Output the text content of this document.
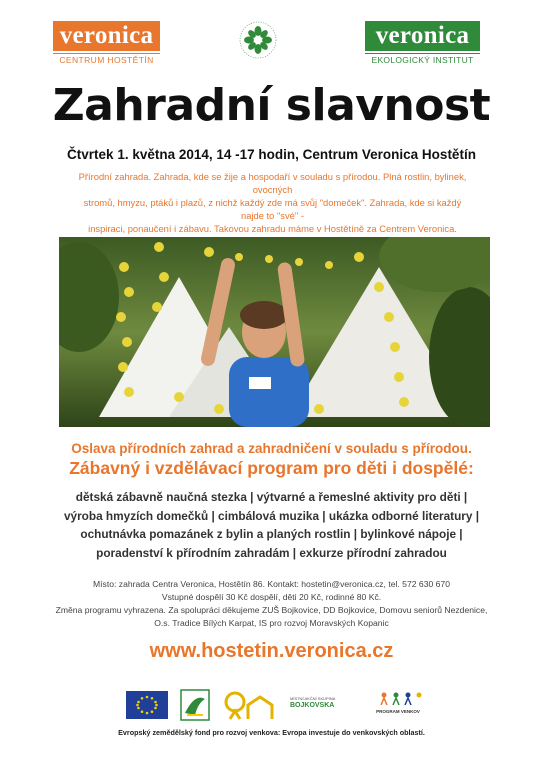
veronica
CENTRUM HOSTĚTÍN
veronica
EKOLOGICKÝ INSTITUT
Zahradní slavnost
Čtvrtek 1. května 2014, 14 -17 hodin, Centrum Veronica Hostětín
Přírodní zahrada. Zahrada, kde se žije a hospodaří v souladu s přírodou. Plná rostlin, bylinek, ovocných
stromů, hmyzu, ptáků i plazů, z nichž každý zde má svůj "domeček". Zahrada, kde si každý najde to "své" -
inspiraci, ponaučení i zábavu. Takovou zahradu máme v Hostětíně za Centrem Veronica.
Oslava přírodních zahrad a zahradničení v souladu s přírodou.
Zábavný i vzdělávací program pro děti i dospělé:
dětská zábavně naučná stezka | výtvarné a řemeslné aktivity pro děti |
výroba hmyzích domečků | cimbálová muzika | ukázka odborné literatury |
ochutnávka pomazánek z bylin a planých rostlin | bylinkové nápoje |
poradenství k přírodním zahradám | exkurze přírodní zahradou
Místo: zahrada Centra Veronica, Hostětín 86. Kontakt: hostetin@veronica.cz, tel. 572 630 670
Vstupné dospělí 30 Kč dospělí, děti 20 Kč, rodinné 80 Kč.
Změna programu vyhrazena. Za spolupráci děkujeme ZUŠ Bojkovice, DD Bojkovice, Domovu seniorů Nezdenice,
O.s. Tradice Bílých Karpat, IS pro rozvoj Moravských Kopanic
www.hostetin.veronica.cz
MÍSTNÍ AKČNÍ SKUPINA
BOJKOVSKA
PROGRAM VENKOV
Evropský zemědělský fond pro rozvoj venkova: Evropa investuje do venkovských oblastí.
